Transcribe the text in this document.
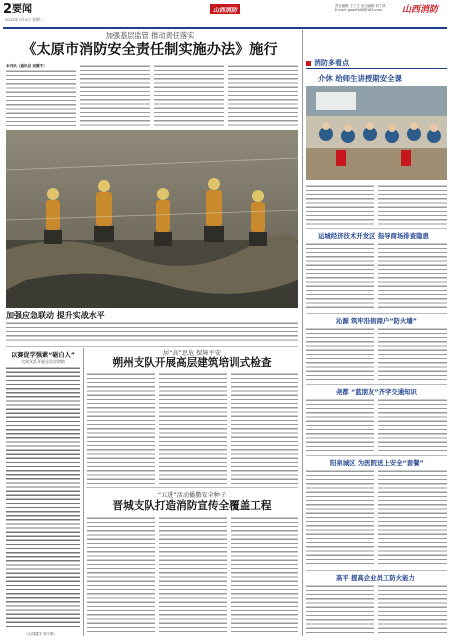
2 要闻
2022年7月5日 星期二
山西消防
责任编辑 王丁文 见习编辑 刘丁琪
E-mail: gaoxf168@163.com 山西消防
加强基层监管 推动责任落实
《太原市消防安全责任制实施办法》施行
本刊讯（通讯员 刘霞宇）
加强应急联动 提升实战水平
消防多看点
介休 给师生讲授期安全课
运城经济技术开发区 指导商场排查隐患
沁源 筑牢沿街商户“防火墙”
尧都 “蓝朋友”齐学交通知识
阳泉城区 为医院送上安全“套餐”
高平 提高企业员工防火能力
以赛促学强素“砺白人”
大同支队开展全员学消防
（文/刘霞宇 刘丁琪）
居“高”思危 保障平安
朔州支队开展高层建筑培训式检查
“五进”活动播撒安全种子
晋城支队打造消防宣传全覆盖工程
